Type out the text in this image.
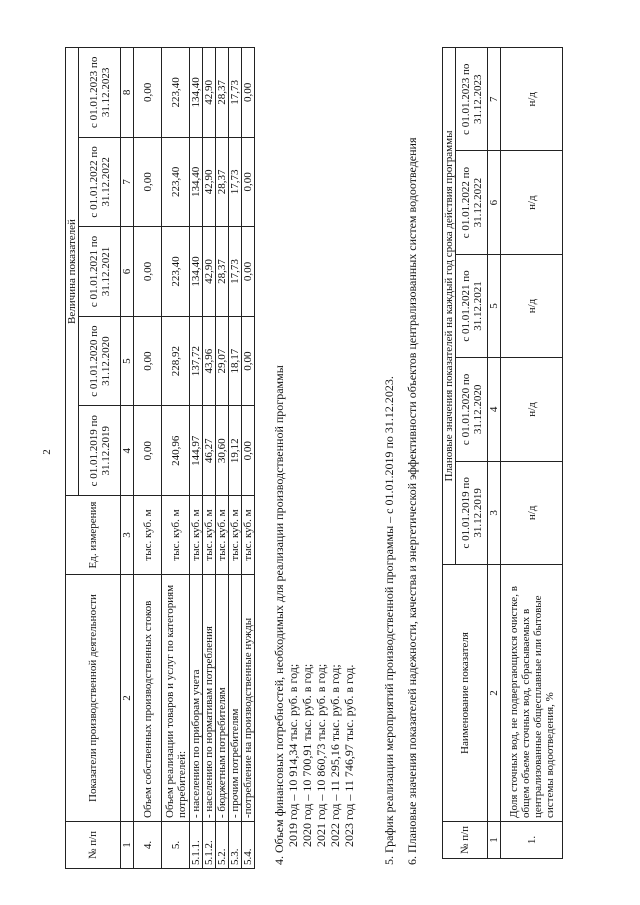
2
№ п/п	Показатели производственной деятельности	Ед. измерения	Величина показателей				
			с 01.01.2019 по 31.12.2019	с 01.01.2020 по 31.12.2020	с 01.01.2021 по 31.12.2021	с 01.01.2022 по 31.12.2022	с 01.01.2023 по 31.12.2023
1	2	3	4	5	6	7	8
4.	Объем собственных производственных стоков	тыс. куб. м	0,00	0,00	0,00	0,00	0,00
5.	Объем реализации товаров и услуг по категориям потребителей:	тыс. куб. м	240,96	228,92	223,40	223,40	223,40
5.1.1.	- населению по приборам учета	тыс. куб. м	144,97	137,72	134,40	134,40	134,40
5.1.2.	- населению по нормативам потребления	тыс. куб. м	46,27	43,96	42,90	42,90	42,90
5.2.	- бюджетным потребителям	тыс. куб. м	30,60	29,07	28,37	28,37	28,37
5.3.	- прочим потребителям	тыс. куб. м	19,12	18,17	17,73	17,73	17,73
5.4.	-потребление на производственные нужды	тыс. куб. м	0,00	0,00	0,00	0,00	0,00
4. Объем финансовых потребностей, необходимых для реализации производственной программы 2019 год – 10 914,34 тыс. руб. в год; 2020 год – 10 700,91 тыс. руб. в год; 2021 год – 10 860,73 тыс. руб. в год; 2022 год – 11 295,16 тыс. руб. в год; 2023 год – 11 746,97 тыс. руб. в год. 5. График реализации мероприятий производственной программы – с 01.01.2019 по 31.12.2023. 6. Плановые значения показателей надежности, качества и энергетической эффективности объектов централизованных систем водоотведения	№ п/п	Наименование показателя	Плановые значения показателей на каждый год срока действия программы				
		с 01.01.2019 по 31.12.2019	с 01.01.2020 по 31.12.2020	с 01.01.2021 по 31.12.2021	с 01.01.2022 по 31.12.2022	с 01.01.2023 по 31.12.2023
1	2	3	4	5	6	7
1.	Доля сточных вод, не подвергающихся очистке, в общем объеме сточных вод, сбрасываемых в централизованные общесплавные или бытовые системы водоотведения, %	н/д	н/д	н/д	н/д	н/д
